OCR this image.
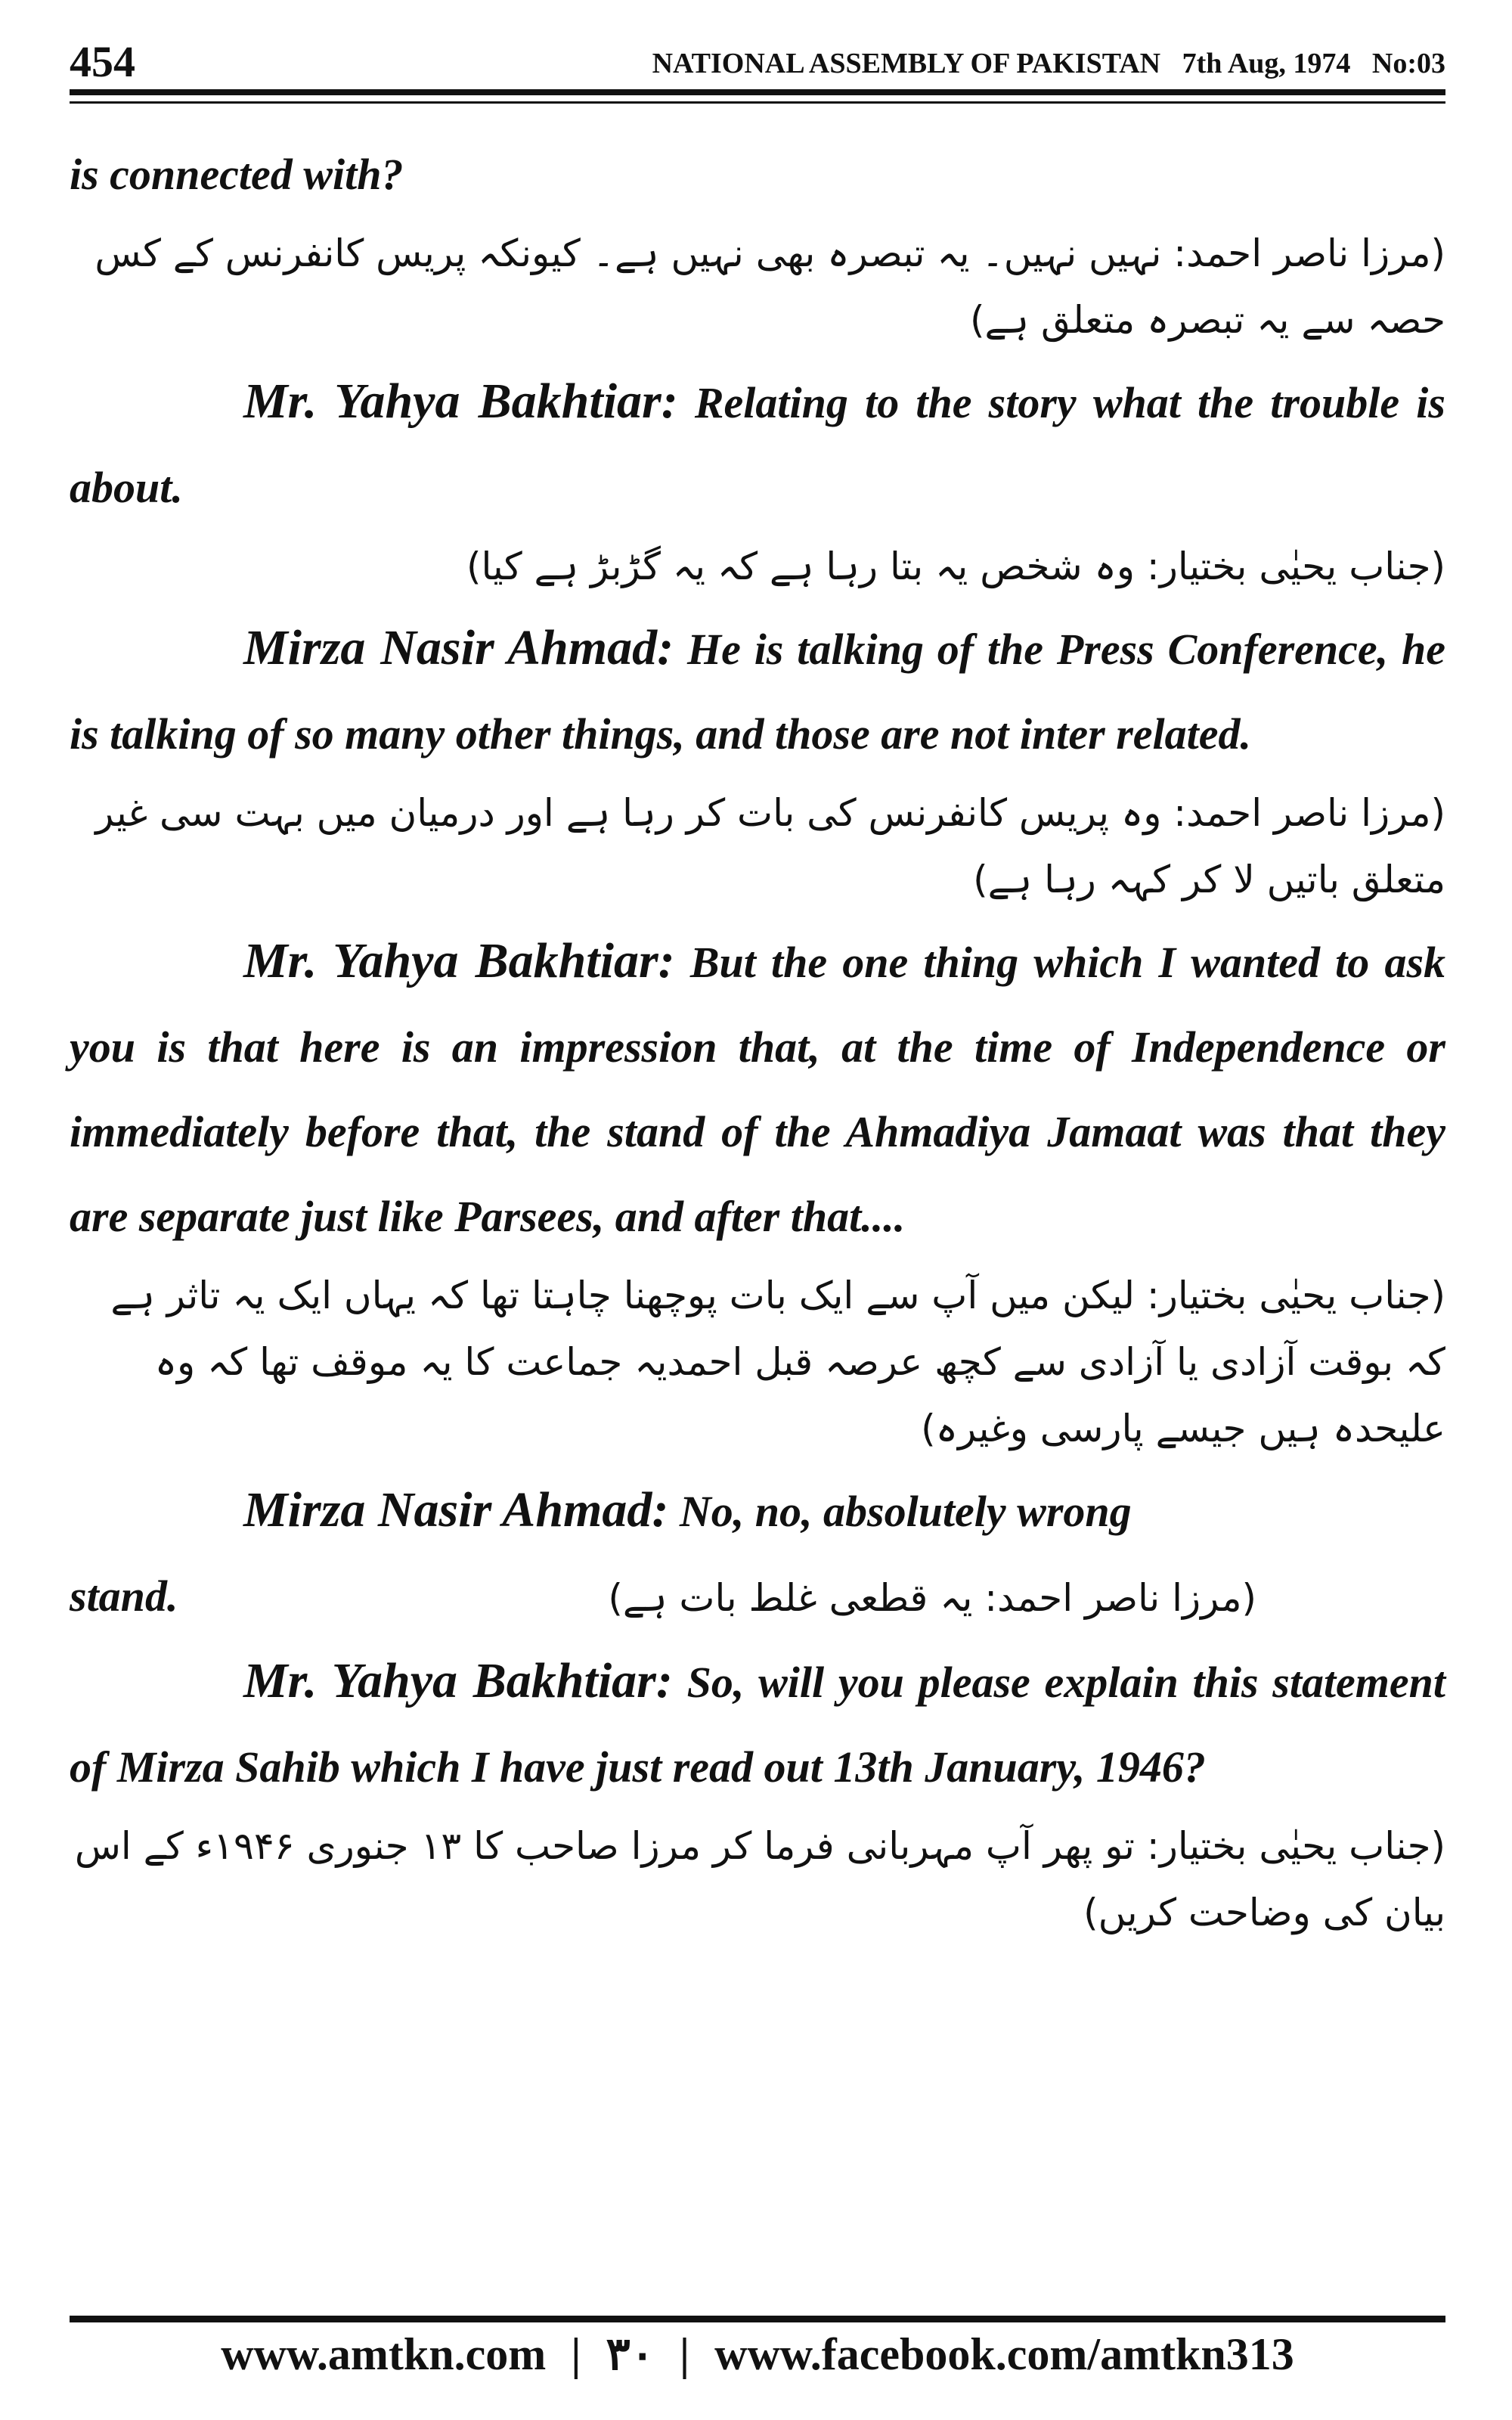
454	NATIONAL ASSEMBLY OF PAKISTAN   7th Aug, 1974   No:03

is connected with?

(مرزا ناصر احمد: نہیں نہیں۔ یہ تبصرہ بھی نہیں ہے۔ کیونکہ پریس کانفرنس کے کس حصہ سے یہ تبصرہ متعلق ہے)

Mr. Yahya Bakhtiar: Relating to the story what the trouble is about.

(جناب یحیٰی بختیار: وہ شخص یہ بتا رہا ہے کہ یہ گڑبڑ ہے کیا)

Mirza Nasir Ahmad: He is talking of the Press Conference, he is talking of so many other things, and those are not inter related.

(مرزا ناصر احمد: وہ پریس کانفرنس کی بات کر رہا ہے اور درمیان میں بہت سی غیر متعلق باتیں لا کر کہہ رہا ہے)

Mr. Yahya Bakhtiar: But the one thing which I wanted to ask you is that here is an impression that, at the time of Independence or immediately before that, the stand of the Ahmadiya Jamaat was that they are separate just like Parsees, and after that....

(جناب یحیٰی بختیار: لیکن میں آپ سے ایک بات پوچھنا چاہتا تھا کہ یہاں ایک یہ تاثر ہے کہ بوقت آزادی یا آزادی سے کچھ عرصہ قبل احمدیہ جماعت کا یہ موقف تھا کہ وہ علیحدہ ہیں جیسے پارسی وغیرہ)

Mirza Nasir Ahmad: No, no, absolutely wrong

stand.	(مرزا ناصر احمد: یہ قطعی غلط بات ہے)

Mr. Yahya Bakhtiar: So, will you please explain this statement of Mirza Sahib which I have just read out 13th January, 1946?

(جناب یحیٰی بختیار: تو پھر آپ مہربانی فرما کر مرزا صاحب کا ۱۳ جنوری ۱۹۴۶ء کے اس بیان کی وضاحت کریں)

www.amtkn.com | ۳۰ | www.facebook.com/amtkn313
